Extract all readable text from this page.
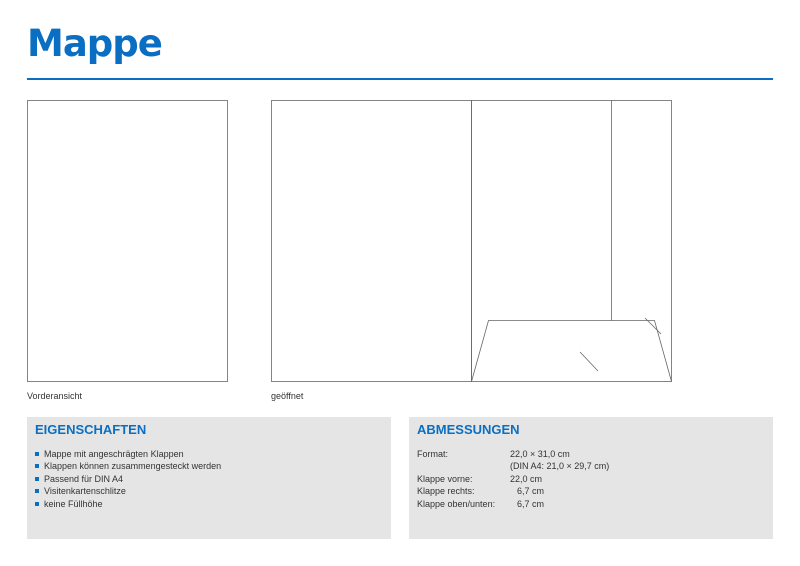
Mappe
Vorderansicht	geöffnet
EIGENSCHAFTEN
Mappe mit angeschrägten Klappen
Klappen können zusammengesteckt werden
Passend für DIN A4
Visitenkartenschlitze
keine Füllhöhe
ABMESSUNGEN
Format:	22,0 × 31,0 cm
(DIN A4: 21,0 × 29,7 cm)
Klappe vorne:	22,0 cm
Klappe rechts:	6,7 cm
Klappe oben/unten: 6,7 cm
